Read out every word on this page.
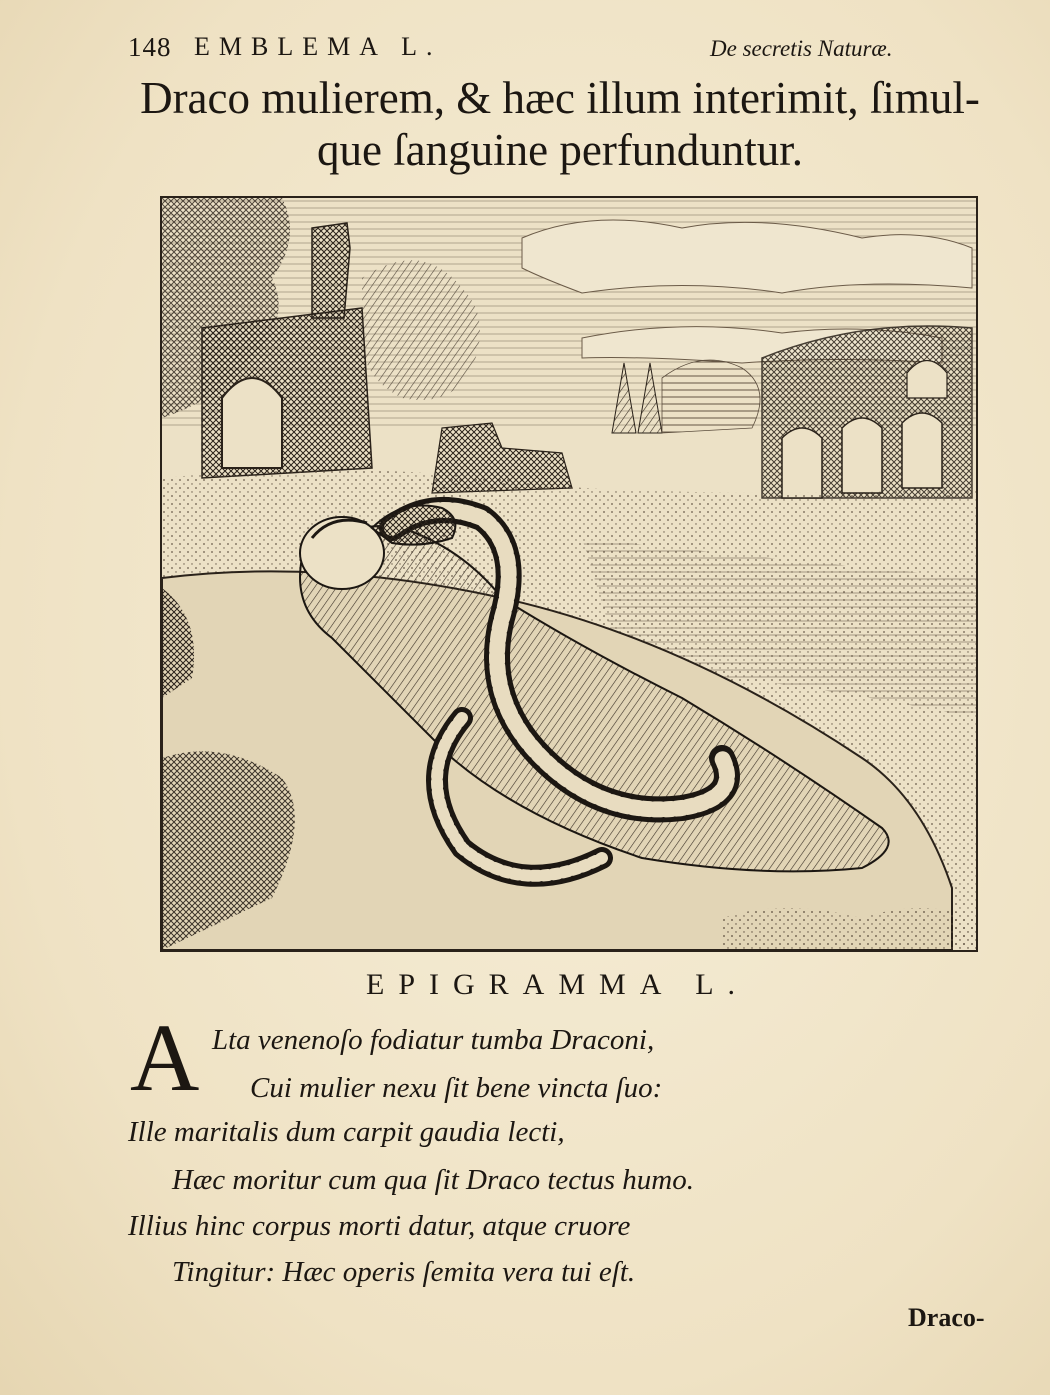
148 EMBLEMA L.	De secretis Naturæ.
Draco mulierem, & hæc illum interimit, ſimul-
que ſanguine perfunduntur.
EPIGRAMMA L.
A Lta venenoſo fodiatur tumba Draconi,
Cui mulier nexu ſit bene vincta ſuo:
Ille maritalis dum carpit gaudia lecti,
Hæc moritur cum qua ſit Draco tectus humo.
Illius hinc corpus morti datur, atque cruore
Tingitur: Hæc operis ſemita vera tui eſt.
Draco-
